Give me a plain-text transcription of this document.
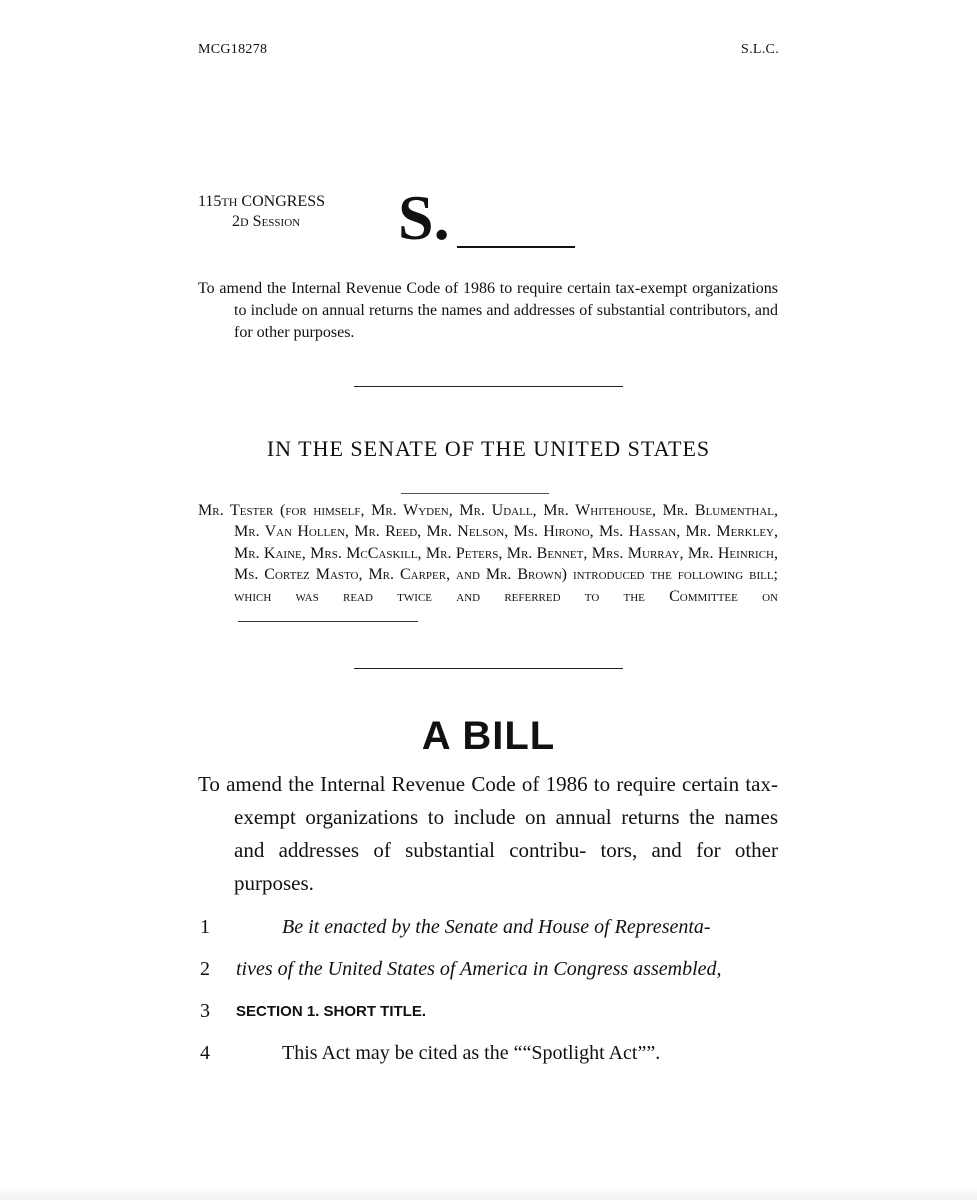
MCG18278	S.L.C.
115TH CONGRESS
2D Session	S.
To amend the Internal Revenue Code of 1986 to require certain tax-exempt organizations to include on annual returns the names and addresses of substantial contributors, and for other purposes.
IN THE SENATE OF THE UNITED STATES
Mr. Tester (for himself, Mr. Wyden, Mr. Udall, Mr. Whitehouse, Mr. Blumenthal, Mr. Van Hollen, Mr. Reed, Mr. Nelson, Ms. Hirono, Ms. Hassan, Mr. Merkley, Mr. Kaine, Mrs. McCaskill, Mr. Peters, Mr. Bennet, Mrs. Murray, Mr. Heinrich, Ms. Cortez Masto, Mr. Carper, and Mr. Brown) introduced the following bill; which was read twice and referred to the Committee on
A BILL
To amend the Internal Revenue Code of 1986 to require certain tax-exempt organizations to include on annual returns the names and addresses of substantial contribu- tors, and for other purposes.
1	Be it enacted by the Senate and House of Representa-
2	tives of the United States of America in Congress assembled,
3	SECTION 1. SHORT TITLE.
4	This Act may be cited as the ““Spotlight Act””.
